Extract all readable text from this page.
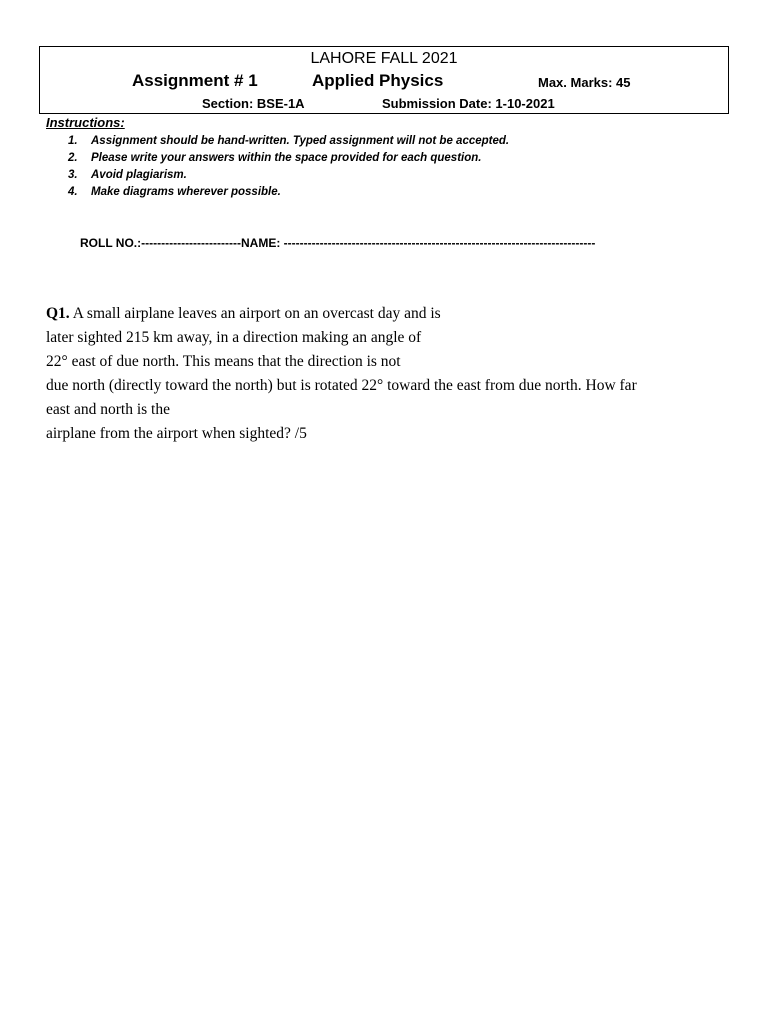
LAHORE FALL 2021
Assignment # 1	Applied Physics	Max. Marks: 45
Section: BSE-1A	Submission Date: 1-10-2021
Instructions:
1. Assignment should be hand-written. Typed assignment will not be accepted.
2. Please write your answers within the space provided for each question.
3. Avoid plagiarism.
4. Make diagrams wherever possible.
ROLL NO.:-------------------------NAME: ------------------------------------------------------------------------------
Q1. A small airplane leaves an airport on an overcast day and is
later sighted 215 km away, in a direction making an angle of
22° east of due north. This means that the direction is not
due north (directly toward the north) but is rotated 22° toward the east from due north. How far
east and north is the
airplane from the airport when sighted? /5
